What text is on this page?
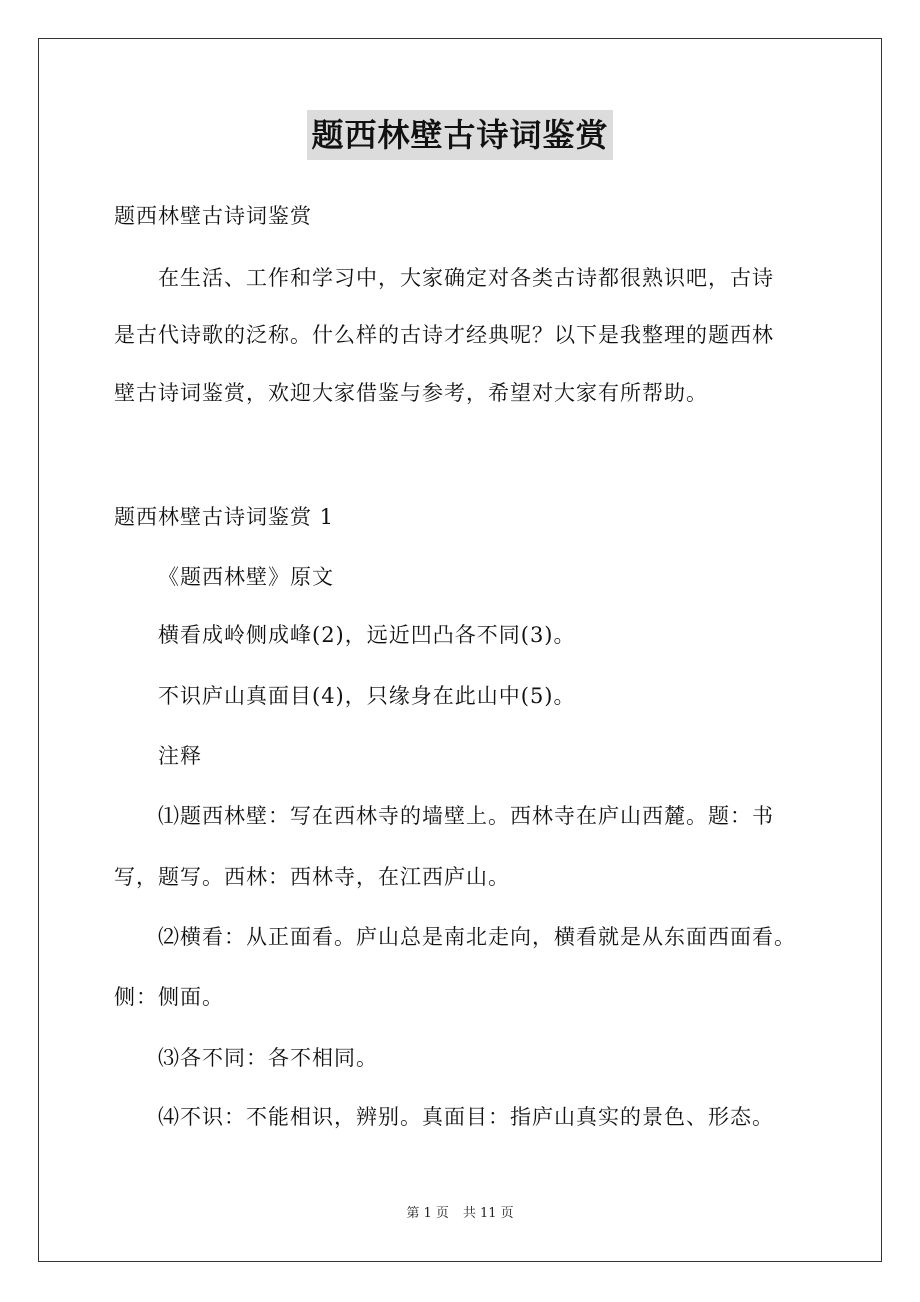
题西林壁古诗词鉴赏
题西林壁古诗词鉴赏
在生活、工作和学习中，大家确定对各类古诗都很熟识吧，古诗
是古代诗歌的泛称。什么样的古诗才经典呢？以下是我整理的题西林
壁古诗词鉴赏，欢迎大家借鉴与参考，希望对大家有所帮助。
题西林壁古诗词鉴赏 1
《题西林壁》原文
横看成岭侧成峰(2)，远近凹凸各不同(3)。
不识庐山真面目(4)，只缘身在此山中(5)。
注释
⑴题西林壁：写在西林寺的墙壁上。西林寺在庐山西麓。题：书
写，题写。西林：西林寺，在江西庐山。
⑵横看：从正面看。庐山总是南北走向，横看就是从东面西面看。
侧：侧面。
⑶各不同：各不相同。
⑷不识：不能相识，辨别。真面目：指庐山真实的景色、形态。
第 1 页 共 11 页
